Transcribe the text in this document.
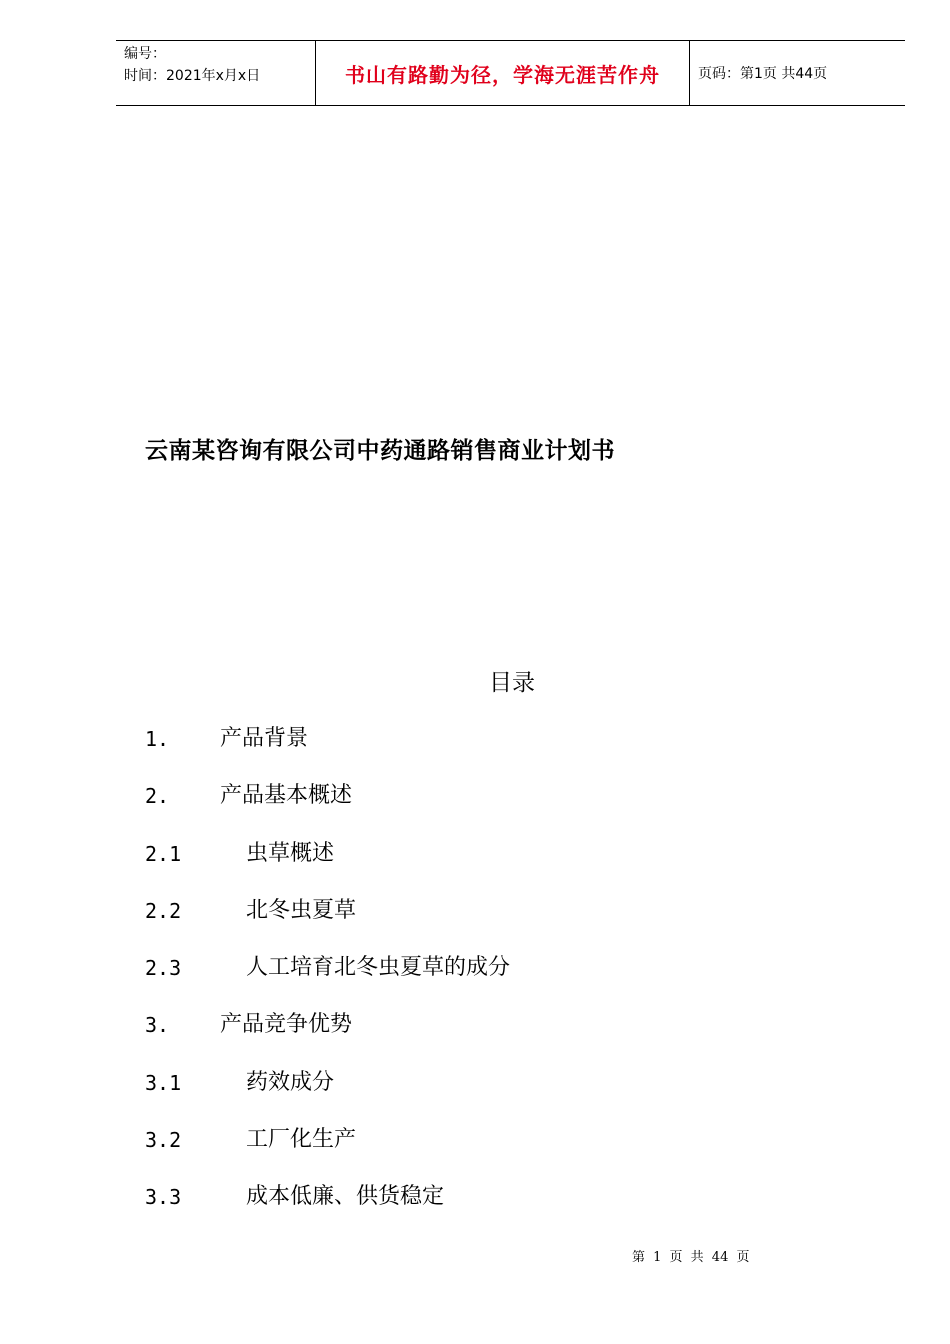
编号：
时间：2021年x月x日	书山有路勤为径，学海无涯苦作舟	页码：第1页 共44页
云南某咨询有限公司中药通路销售商业计划书
目录
1.	产品背景
2.	产品基本概述
2.1	虫草概述
2.2	北冬虫夏草
2.3	人工培育北冬虫夏草的成分
3.	产品竞争优势
3.1	药效成分
3.2	工厂化生产
3.3	成本低廉、供货稳定
第 1 页 共 44 页
